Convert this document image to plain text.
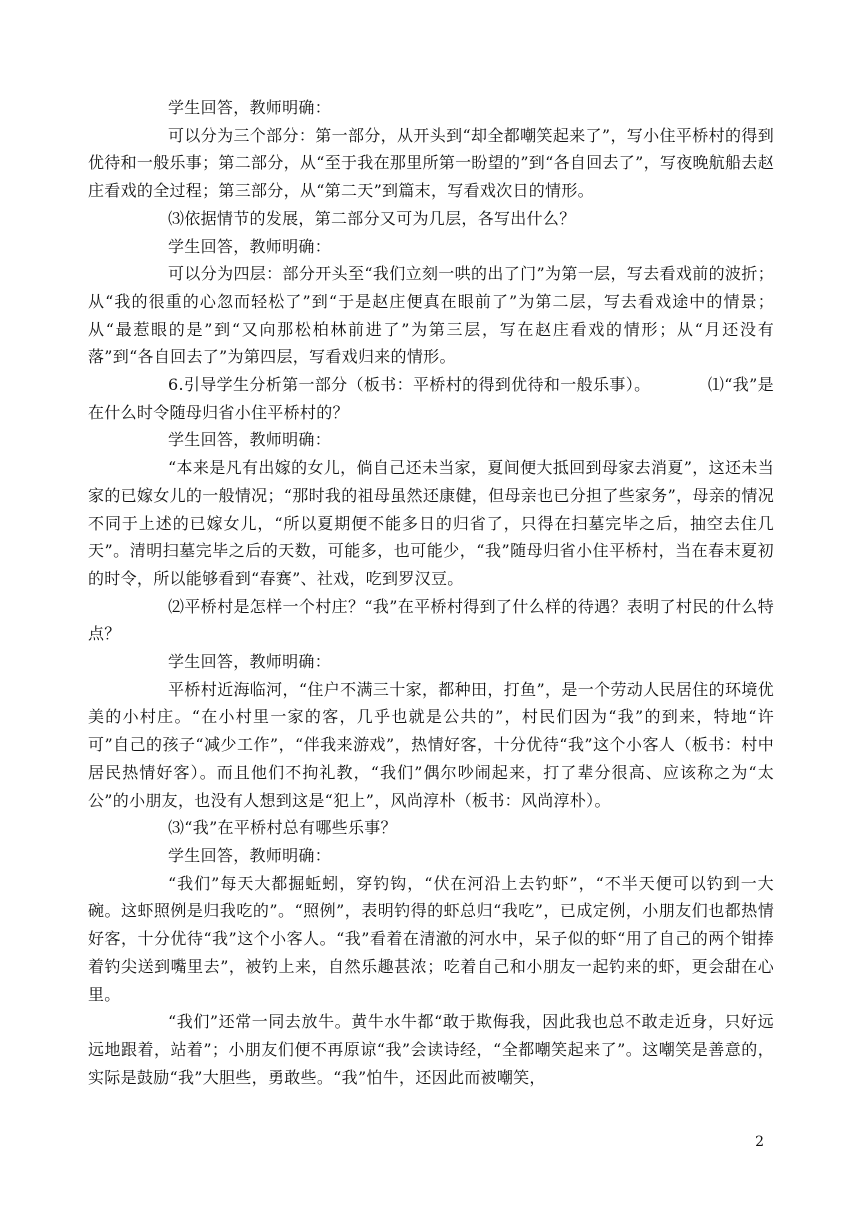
学生回答，教师明确：

可以分为三个部分：第一部分，从开头到“却全都嘲笑起来了”，写小住平桥村的得到优待和一般乐事；第二部分，从“至于我在那里所第一盼望的”到“各自回去了”，写夜晚航船去赵庄看戏的全过程；第三部分，从“第二天”到篇末，写看戏次日的情形。

⑶依据情节的发展，第二部分又可为几层，各写出什么？

学生回答，教师明确：

可以分为四层：部分开头至“我们立刻一哄的出了门”为第一层，写去看戏前的波折；从“我的很重的心忽而轻松了”到“于是赵庄便真在眼前了”为第二层，写去看戏途中的情景；从“最惹眼的是”到“又向那松柏林前进了”为第三层，写在赵庄看戏的情形；从“月还没有落”到“各自回去了”为第四层，写看戏归来的情形。

6.引导学生分析第一部分（板书：平桥村的得到优待和一般乐事）。　　　　⑴“我”是在什么时令随母归省小住平桥村的？

学生回答，教师明确：

“本来是凡有出嫁的女儿，倘自己还未当家，夏间便大抵回到母家去消夏”，这还未当家的已嫁女儿的一般情况；“那时我的祖母虽然还康健，但母亲也已分担了些家务”，母亲的情况不同于上述的已嫁女儿，“所以夏期便不能多日的归省了，只得在扫墓完毕之后，抽空去住几天”。清明扫墓完毕之后的天数，可能多，也可能少，“我”随母归省小住平桥村，当在春末夏初的时令，所以能够看到“春赛”、社戏，吃到罗汉豆。

⑵平桥村是怎样一个村庄？“我”在平桥村得到了什么样的待遇？表明了村民的什么特点？

学生回答，教师明确：

平桥村近海临河，“住户不满三十家，都种田，打鱼”，是一个劳动人民居住的环境优美的小村庄。“在小村里一家的客，几乎也就是公共的”，村民们因为“我”的到来，特地“许可”自己的孩子“减少工作”，“伴我来游戏”，热情好客，十分优待“我”这个小客人（板书：村中居民热情好客）。而且他们不拘礼教，“我们”偶尔吵闹起来，打了辈分很高、应该称之为“太公”的小朋友，也没有人想到这是“犯上”，风尚淳朴（板书：风尚淳朴）。

⑶“我”在平桥村总有哪些乐事？

学生回答，教师明确：

“我们”每天大都掘蚯蚓，穿钓钩，“伏在河沿上去钓虾”，“不半天便可以钓到一大碗。这虾照例是归我吃的”。“照例”，表明钓得的虾总归“我吃”，已成定例，小朋友们也都热情好客，十分优待“我”这个小客人。“我”看着在清澈的河水中，呆子似的虾“用了自己的两个钳捧着钓尖送到嘴里去”，被钓上来，自然乐趣甚浓；吃着自己和小朋友一起钓来的虾，更会甜在心里。

“我们”还常一同去放牛。黄牛水牛都“敢于欺侮我，因此我也总不敢走近身，只好远远地跟着，站着”；小朋友们便不再原谅“我”会读诗经，“全都嘲笑起来了”。这嘲笑是善意的，实际是鼓励“我”大胆些，勇敢些。“我”怕牛，还因此而被嘲笑，

2
